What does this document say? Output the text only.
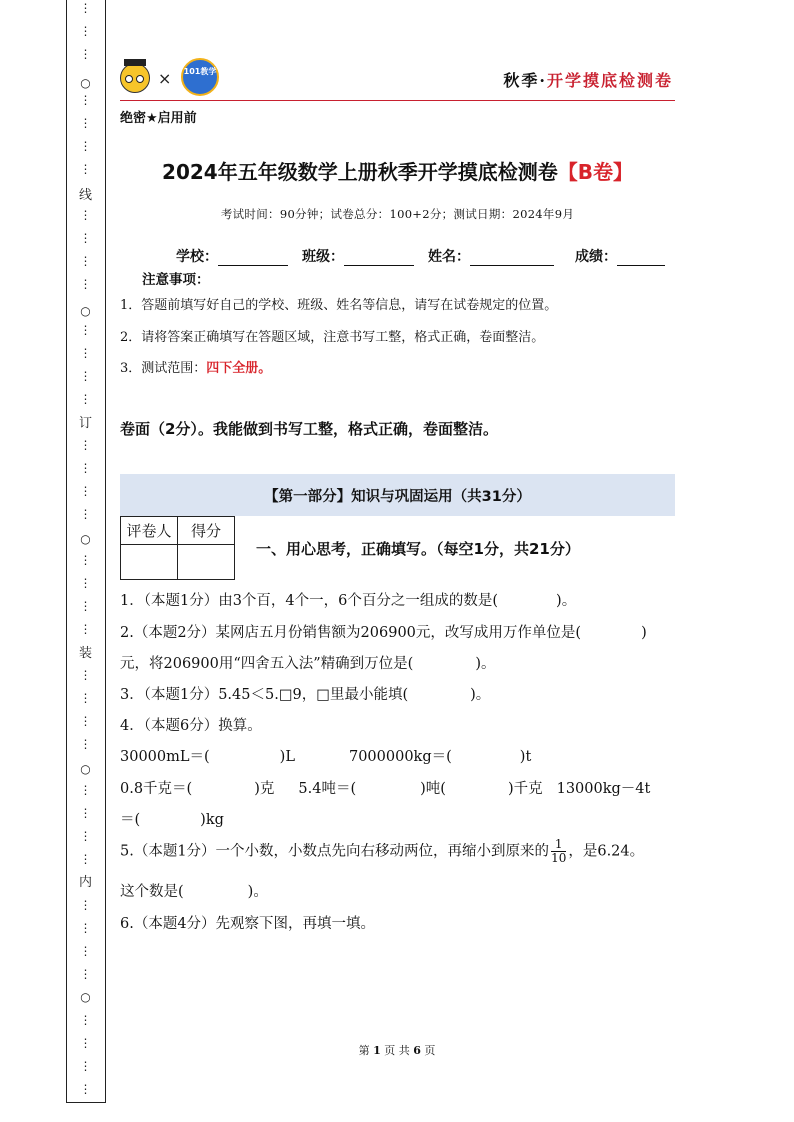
⋮
⋮
⋮
⋮
⋮
⋮
⋮
⋮
⋮
⋮
⋮
⋮
⋮
⋮
⋮
⋮
⋮
⋮
⋮
⋮
⋮
⋮
⋮
⋮
⋮
⋮
⋮
⋮
⋮
⋮
⋮
⋮
⋮
⋮
⋮
⋮
⋮
⋮
⋮
○
线
○
订
○
装
○
内
○
×	101教学	秋季·开学摸底检测卷
绝密★启用前
2024年五年级数学上册秋季开学摸底检测卷【B卷】
考试时间：90分钟；试卷总分：100+2分；测试日期：2024年9月
学校：	班级：	姓名：	成绩：
注意事项：
1．答题前填写好自己的学校、班级、姓名等信息，请写在试卷规定的位置。
2．请将答案正确填写在答题区域，注意书写工整，格式正确，卷面整洁。
3．测试范围：四下全册。
卷面（2分）。我能做到书写工整，格式正确，卷面整洁。
【第一部分】知识与巩固运用（共31分）
评卷人	得分

一、用心思考，正确填写。（每空1分，共21分）
1．（本题1分）由3个百，4个一，6个百分之一组成的数是(	)。
2.（本题2分）某网店五月份销售额为206900元，改写成用万作单位是(	)
元，将206900用“四舍五入法”精确到万位是(	)。
3．（本题1分）5.45＜5.□9，□里最小能填(	)。
4．（本题6分）换算。
30000mL＝(	)L	7000000kg＝(	)t
0.8千克＝(	)克 5.4吨＝(	)吨(	)千克 13000kg－4t
＝(	)kg
5.（本题1分）一个小数，小数点先向右移动两位，再缩小到原来的 $\frac{1}{10}$ ，是6.24。
这个数是(	)。
6.（本题4分）先观察下图，再填一填。
第 1 页 共 6 页
